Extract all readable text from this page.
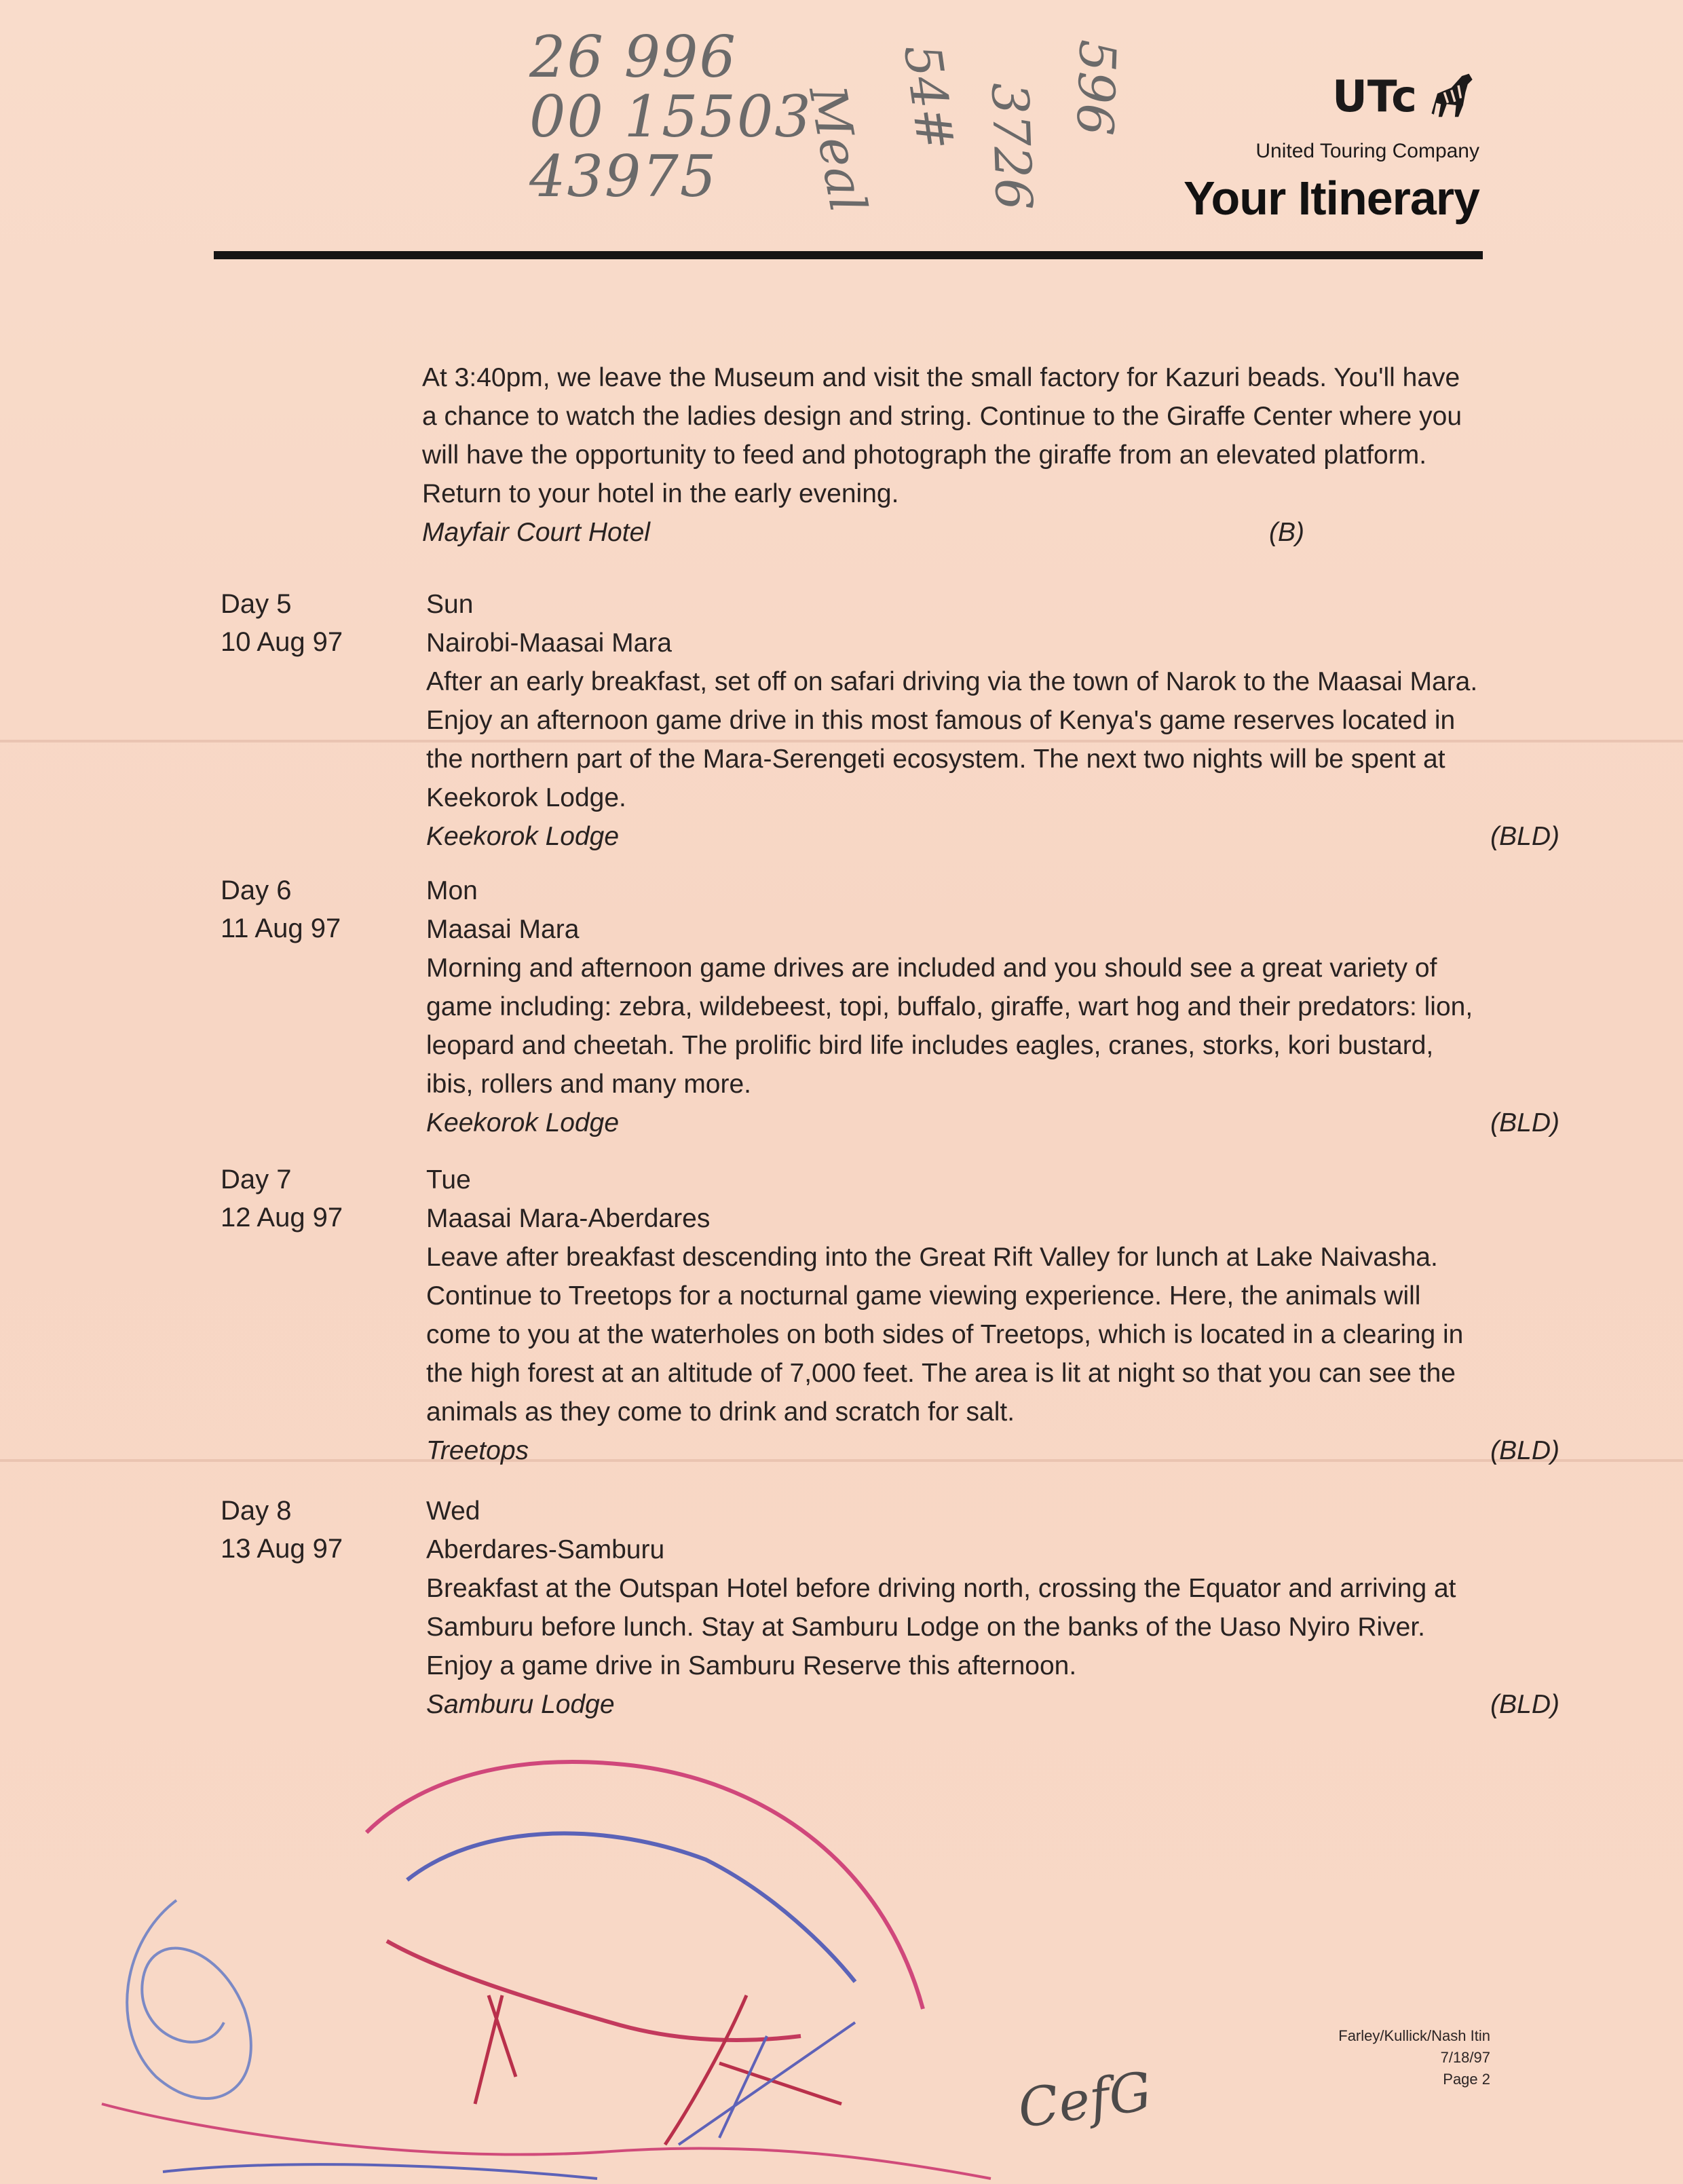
26 996
00 15503
43975	Meal 54# 3726 596	UTc
United Touring Company
Your Itinerary
At 3:40pm, we leave the Museum and visit the small factory for Kazuri beads. You'll have a chance to watch the ladies design and string. Continue to the Giraffe Center where you will have the opportunity to feed and photograph the giraffe from an elevated platform. Return to your hotel in the early evening.
Mayfair Court Hotel	(B)
Day 5
10 Aug 97
Sun
Nairobi-Maasai Mara
After an early breakfast, set off on safari driving via the town of Narok to the Maasai Mara. Enjoy an afternoon game drive in this most famous of Kenya's game reserves located in the northern part of the Mara-Serengeti ecosystem. The next two nights will be spent at Keekorok Lodge.
Keekorok Lodge	(BLD)
Day 6
11 Aug 97
Mon
Maasai Mara
Morning and afternoon game drives are included and you should see a great variety of game including: zebra, wildebeest, topi, buffalo, giraffe, wart hog and their predators: lion, leopard and cheetah. The prolific bird life includes eagles, cranes, storks, kori bustard, ibis, rollers and many more.
Keekorok Lodge	(BLD)
Day 7
12 Aug 97
Tue
Maasai Mara-Aberdares
Leave after breakfast descending into the Great Rift Valley for lunch at Lake Naivasha. Continue to Treetops for a nocturnal game viewing experience. Here, the animals will come to you at the waterholes on both sides of Treetops, which is located in a clearing in the high forest at an altitude of 7,000 feet. The area is lit at night so that you can see the animals as they come to drink and scratch for salt.
Treetops	(BLD)
Day 8
13 Aug 97
Wed
Aberdares-Samburu
Breakfast at the Outspan Hotel before driving north, crossing the Equator and arriving at Samburu before lunch. Stay at Samburu Lodge on the banks of the Uaso Nyiro River. Enjoy a game drive in Samburu Reserve this afternoon.
Samburu Lodge	(BLD)
CefG
Farley/Kullick/Nash Itin
7/18/97
Page 2
